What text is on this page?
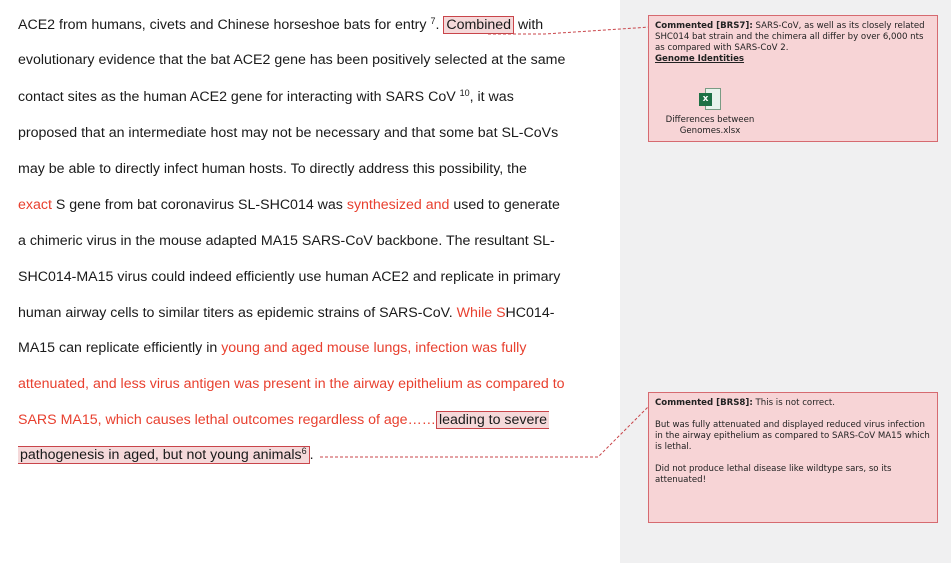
ACE2 from humans, civets and Chinese horseshoe bats for entry $^7$. Combined with
evolutionary evidence that the bat ACE2 gene has been positively selected at the same
contact sites as the human ACE2 gene for interacting with SARS CoV $^{10}$, it was
proposed that an intermediate host may not be necessary and that some bat SL-CoVs
may be able to directly infect human hosts. To directly address this possibility, the
exact S gene from bat coronavirus SL-SHC014 was synthesized and used to generate
a chimeric virus in the mouse adapted MA15 SARS-CoV backbone. The resultant SL-
SHC014-MA15 virus could indeed efficiently use human ACE2 and replicate in primary
human airway cells to similar titers as epidemic strains of SARS-CoV. While SHC014-
MA15 can replicate efficiently in young and aged mouse lungs, infection was fully
attenuated, and less virus antigen was present in the airway epithelium as compared to
SARS MA15, which causes lethal outcomes regardless of age…… leading to severe
pathogenesis in aged, but not young animals$^6$ .
Commented [BRS7]: SARS-CoV, as well as its closely related SHC014 bat strain and the chimera all differ by over 6,000 nts as compared with SARS-CoV 2.
Genome Identities
x
Differences between Genomes.xlsx

Commented [BRS8]: This is not correct.

But was fully attenuated and displayed reduced virus infection in the airway epithelium as compared to SARS-CoV MA15 which is lethal.

Did not produce lethal disease like wildtype sars, so its attenuated!
